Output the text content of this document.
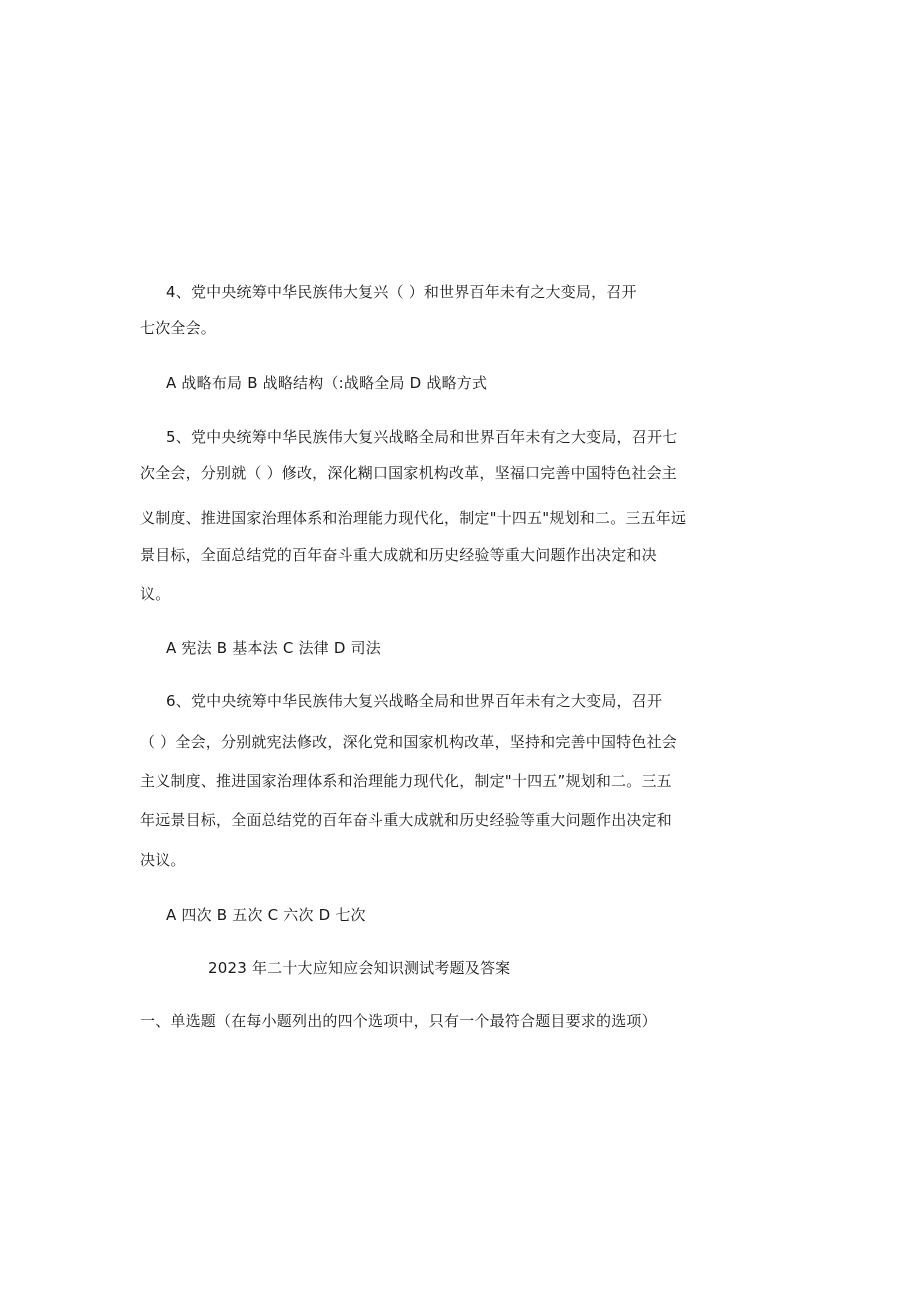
4、党中央统筹中华民族伟大复兴（ ）和世界百年未有之大变局，召开
七次全会。
A 战略布局 B 战略结构（:战略全局 D 战略方式
5、党中央统筹中华民族伟大复兴战略全局和世界百年未有之大变局，召开七
次全会，分别就（ ）修改，深化糊口国家机构改革，坚福口完善中国特色社会主
义制度、推进国家治理体系和治理能力现代化，制定"十四五"规划和二。三五年远
景目标，全面总结党的百年奋斗重大成就和历史经验等重大问题作出决定和决
议。
A 宪法 B 基本法 C 法律 D 司法
6、党中央统筹中华民族伟大复兴战略全局和世界百年未有之大变局，召开
（ ）全会，分别就宪法修改，深化党和国家机构改革，坚持和完善中国特色社会
主义制度、推进国家治理体系和治理能力现代化，制定"十四五”规划和二。三五
年远景目标，全面总结党的百年奋斗重大成就和历史经验等重大问题作出决定和
决议。
A 四次 B 五次 C 六次 D 七次
2023 年二十大应知应会知识测试考题及答案
一、单选题（在每小题列出的四个选项中，只有一个最符合题目要求的选项）
